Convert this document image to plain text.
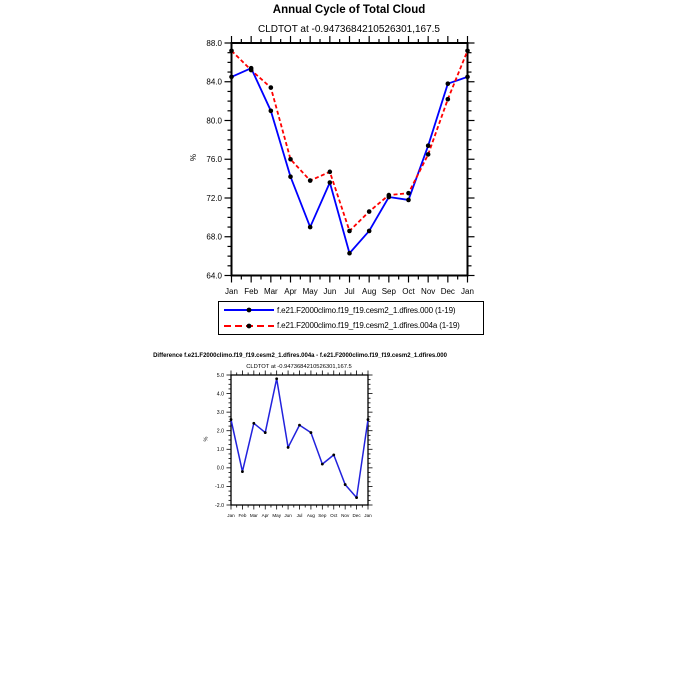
Annual Cycle of Total Cloud
CLDTOT at -0.9473684210526301,167.5
%
64.0
68.0
72.0
76.0
80.0
84.0
88.0
Jan Feb Mar Apr May Jun Jul Aug Sep Oct Nov Dec Jan
-2.0
-1.0
0.0
1.0
2.0
3.0
4.0
5.0
Jan Feb Mar Apr May Jun Jul Aug Sep Oct Nov Dec Jan
f.e21.F2000climo.f19_f19.cesm2_1.dfires.000 (1-19)
f.e21.F2000climo.f19_f19.cesm2_1.dfires.004a (1-19)
Difference f.e21.F2000climo.f19_f19.cesm2_1.dfires.004a - f.e21.F2000climo.f19_f19.cesm2_1.dfires.000
CLDTOT at -0.9473684210526301,167.5
%
